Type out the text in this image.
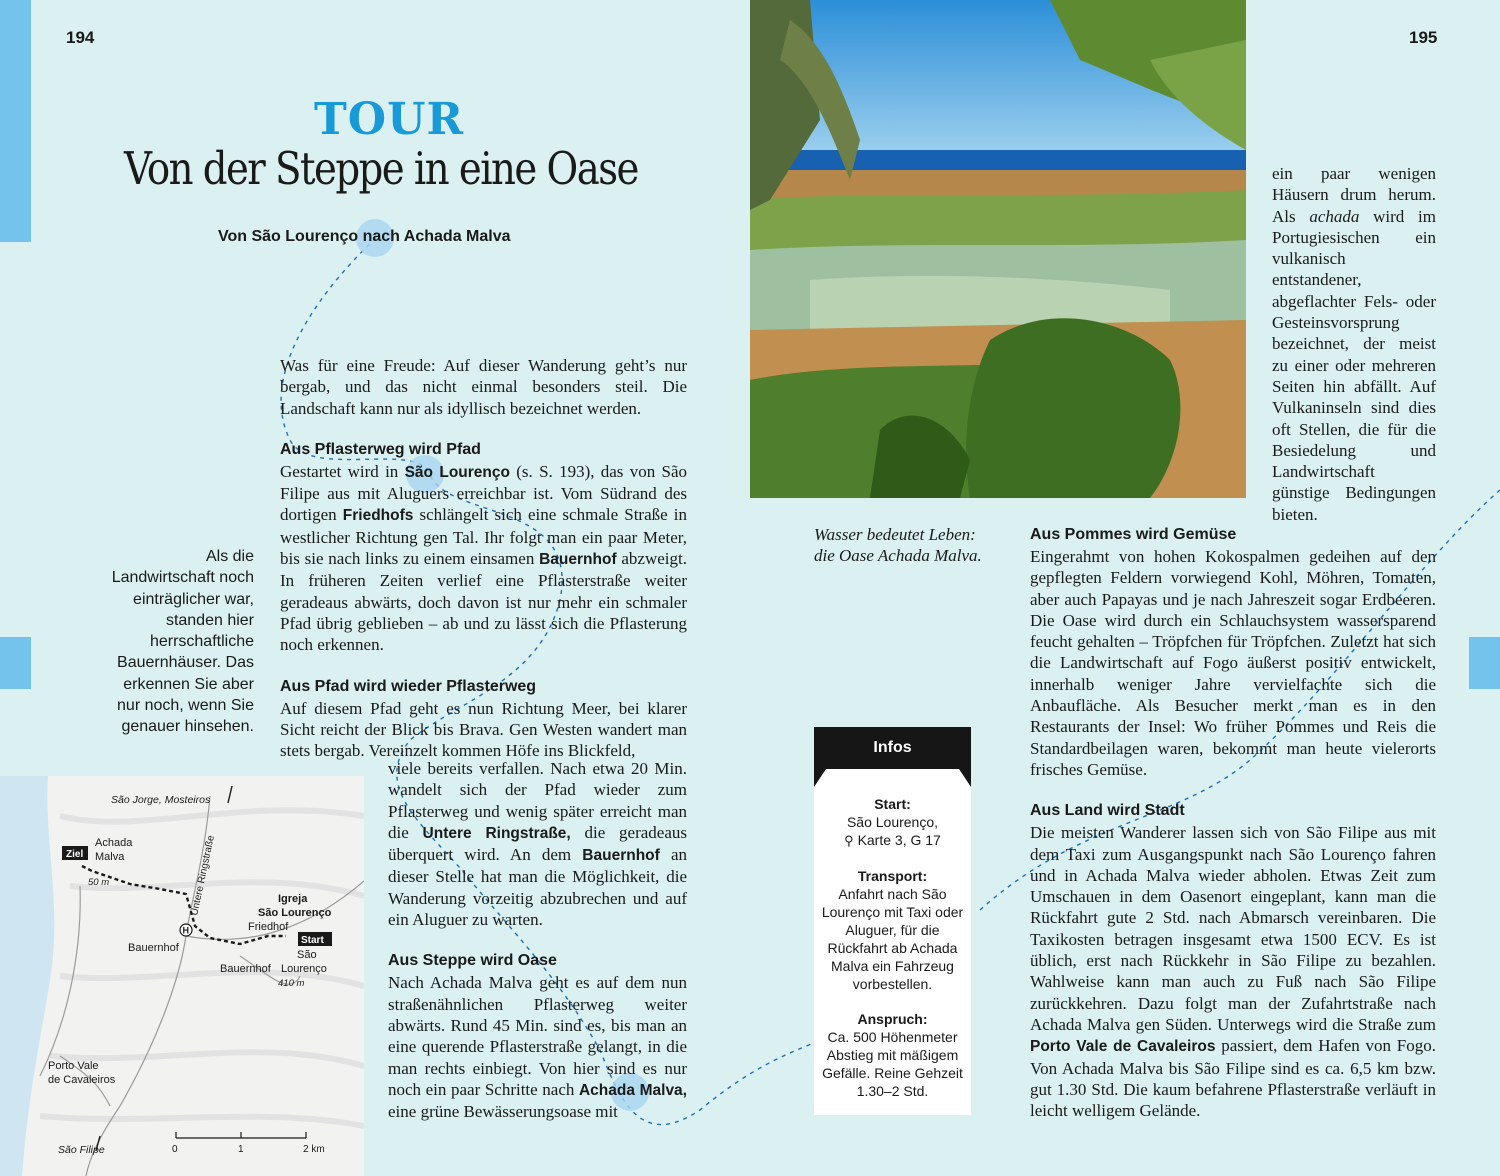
194	195
TOUR
Von der Steppe in eine Oase
Von São Lourenço nach Achada Malva

Was für eine Freude: Auf dieser Wanderung geht’s nur bergab, und das nicht einmal besonders steil. Die Landschaft kann nur als idyllisch bezeichnet werden.

Aus Pflasterweg wird Pfad

Gestartet wird in São Lourenço (s. S. 193), das von São Filipe aus mit Aluguers erreichbar ist. Vom Südrand des dortigen Friedhofs schlängelt sich eine schmale Straße in westlicher Richtung gen Tal. Ihr folgt man ein paar Meter, bis sie nach links zu einem einsamen Bauernhof abzweigt. In früheren Zeiten verlief eine Pflasterstraße weiter geradeaus abwärts, doch davon ist nur mehr ein schmaler Pfad übrig geblieben – ab und zu lässt sich die Pflasterung noch erkennen.

Aus Pfad wird wieder Pflasterweg

Auf diesem Pfad geht es nun Richtung Meer, bei klarer Sicht reicht der Blick bis Brava. Gen Westen wandert man stets bergab. Vereinzelt kommen Höfe ins Blickfeld,

viele bereits verfallen. Nach etwa 20 Min. wandelt sich der Pfad wieder zum Pflasterweg und wenig später erreicht man die Untere Ringstraße, die geradeaus überquert wird. An dem Bauernhof an dieser Stelle hat man die Möglichkeit, die Wanderung vorzeitig abzubrechen und auf ein Aluguer zu warten.

Aus Steppe wird Oase

Nach Achada Malva geht es auf dem nun straßenähnlichen Pflasterweg weiter abwärts. Rund 45 Min. sind es, bis man an eine querende Pflasterstraße gelangt, in die man rechts einbiegt. Von hier sind es nur noch ein paar Schritte nach Achada Malva, eine grüne Bewässerungsoase mit

Als die Landwirtschaft noch einträglicher war, standen hier herrschaftliche Bauernhäuser. Das erkennen Sie aber nur noch, wenn Sie genauer hinsehen.
Ziel
Achada
Malva
50 m
São Jorge, Mosteiros
Untere Ringstraße
H
Igreja
São Lourenço
Friedhof
Start
São
Lourenço
410 m
Bauernhof
Bauernhof
Porto Vale
de Cavaleiros
São Filipe	0	1	2 km

ein paar wenigen Häusern drum herum. Als achada wird im Portugiesischen ein vulkanisch entstandener, abgeflachter Fels- oder Gesteinsvorsprung bezeichnet, der meist zu einer oder mehreren Seiten hin abfällt. Auf Vulkaninseln sind dies oft Stellen, die für die Besiedelung und Landwirtschaft günstige Bedingungen bieten.

Wasser bedeutet Leben: die Oase Achada Malva.
Aus Pommes wird Gemüse

Eingerahmt von hohen Kokospalmen gedeihen auf den gepflegten Feldern vorwiegend Kohl, Möhren, Tomaten, aber auch Papayas und je nach Jahreszeit sogar Erdbeeren. Die Oase wird durch ein Schlauchsystem wassersparend feucht gehalten – Tröpfchen für Tröpfchen. Zuletzt hat sich die Landwirtschaft auf Fogo äußerst positiv entwickelt, innerhalb weniger Jahre vervielfachte sich die Anbaufläche. Als Besucher merkt man es in den Restaurants der Insel: Wo früher Pommes und Reis die Standardbeilagen waren, bekommt man heute vielerorts frisches Gemüse.

Aus Land wird Stadt

Die meisten Wanderer lassen sich von São Filipe aus mit dem Taxi zum Ausgangspunkt nach São Lourenço fahren und in Achada Malva wieder abholen. Etwas Zeit zum Umschauen in dem Oasenort eingeplant, kann man die Rückfahrt gute 2 Std. nach Abmarsch vereinbaren. Die Taxikosten betragen insgesamt etwa 1500 ECV. Es ist üblich, erst nach Rückkehr in São Filipe zu bezahlen. Wahlweise kann man auch zu Fuß nach São Filipe zurückkehren. Dazu folgt man der Zufahrtstraße nach Achada Malva gen Süden. Unterwegs wird die Straße zum Porto Vale de Cavaleiros passiert, dem Hafen von Fogo. Von Achada Malva bis São Filipe sind es ca. 6,5 km bzw. gut 1.30 Std. Die kaum befahrene Pflasterstraße verläuft in leicht welligem Gelände.

Infos
Start:
São Lourenço,
⚲ Karte 3, G 17
Transport:
Anfahrt nach São Lourenço mit Taxi oder Aluguer, für die Rückfahrt ab Achada Malva ein Fahrzeug vorbestellen.
Anspruch:
Ca. 500 Höhenmeter Abstieg mit mäßigem Gefälle. Reine Gehzeit 1.30–2 Std.
